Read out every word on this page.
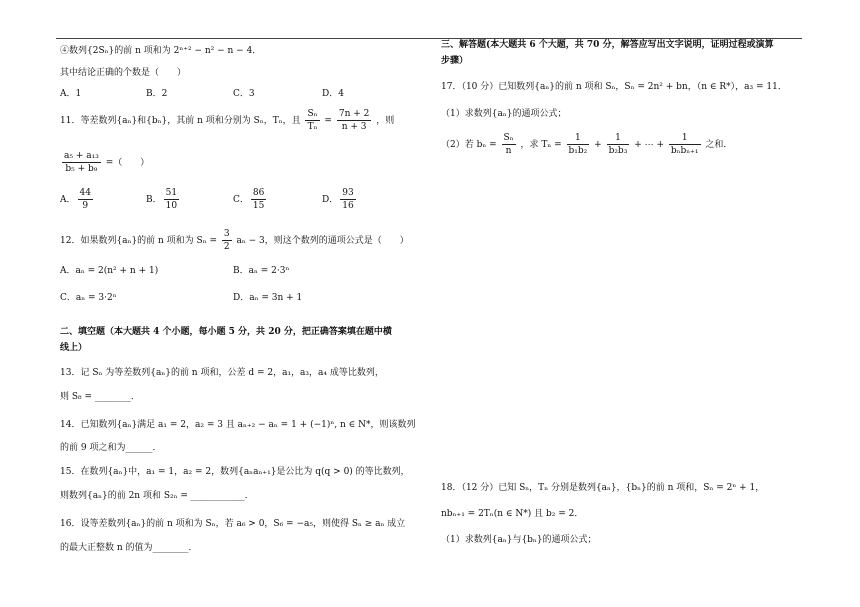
④数列{2Sₙ}的前 n 项和为 2ⁿ⁺² − n² − n − 4．
其中结论正确的个数是（　　）
A．1	B．2	C．3	D．4
11．等差数列{aₙ}和{bₙ}，其前 n 项和分别为 Sₙ，Tₙ，且 $\frac{\text{Sₙ}}{\text{Tₙ}} = \frac{7n + 2}{n + 3}$ ，则
$\frac{\text{a₅ + a₁₃}}{\text{b₅ + b₉}}$ =（　　）
A． $\frac{44}{9}$	B． $\frac{51}{10}$	C． $\frac{86}{15}$	D． $\frac{93}{16}$
12．如果数列{aₙ}的前 n 项和为 $S_n = \frac{3}{2}$ aₙ − 3，则这个数列的通项公式是（　　）
A．aₙ = 2(n² + n + 1)	B．aₙ = 2·3ⁿ
C．aₙ = 3·2ⁿ	D．aₙ = 3n + 1
二、填空题（本大题共 4 个小题，每小题 5 分，共 20 分，把正确答案填在题中横
线上）
13．记 Sₙ 为等差数列{aₙ}的前 n 项和，公差 d = 2，a₁，a₃，a₄ 成等比数列，
则 S₈ = ________．
14．已知数列{aₙ}满足 a₁ = 2，a₂ = 3 且 aₙ₊₂ − aₙ = 1 + (−1)ⁿ, n ∈ N*，则该数列
的前 9 项之和为______．
15．在数列{aₙ}中，a₁ = 1，a₂ = 2，数列{aₙaₙ₊₁}是公比为 q(q > 0) 的等比数列，
则数列{aₙ}的前 2n 项和 S₂ₙ = ____________．
16．设等差数列{aₙ}的前 n 项和为 Sₙ，若 a₆ > 0，S₆ = −a₅，则使得 Sₙ ≥ aₙ 成立
的最大正整数 n 的值为________．
三、解答题(本大题共 6 个大题，共 70 分，解答应写出文字说明，证明过程或演算
步骤）
17．（10 分）已知数列{aₙ}的前 n 项和 Sₙ，Sₙ = 2n² + bn，（n ∈ R*），a₃ = 11．
（1）求数列{aₙ}的通项公式；
（2）若 $b_n = \frac{\text{Sₙ}}{n}$ ，求 $T_n = \frac{1}{\text{b₁b₂}} + \frac{1}{\text{b₂b₃}}$ + ⋯ + $\frac{1}{\text{bₙbₙ₊₁}}$ 之和．
18．（12 分）已知 Sₙ，Tₙ 分别是数列{aₙ}，{bₙ}的前 n 项和，Sₙ = 2ⁿ + 1，
nbₙ₊₁ = 2Tₙ(n ∈ N*) 且 b₂ = 2．
（1）求数列{aₙ}与{bₙ}的通项公式；
